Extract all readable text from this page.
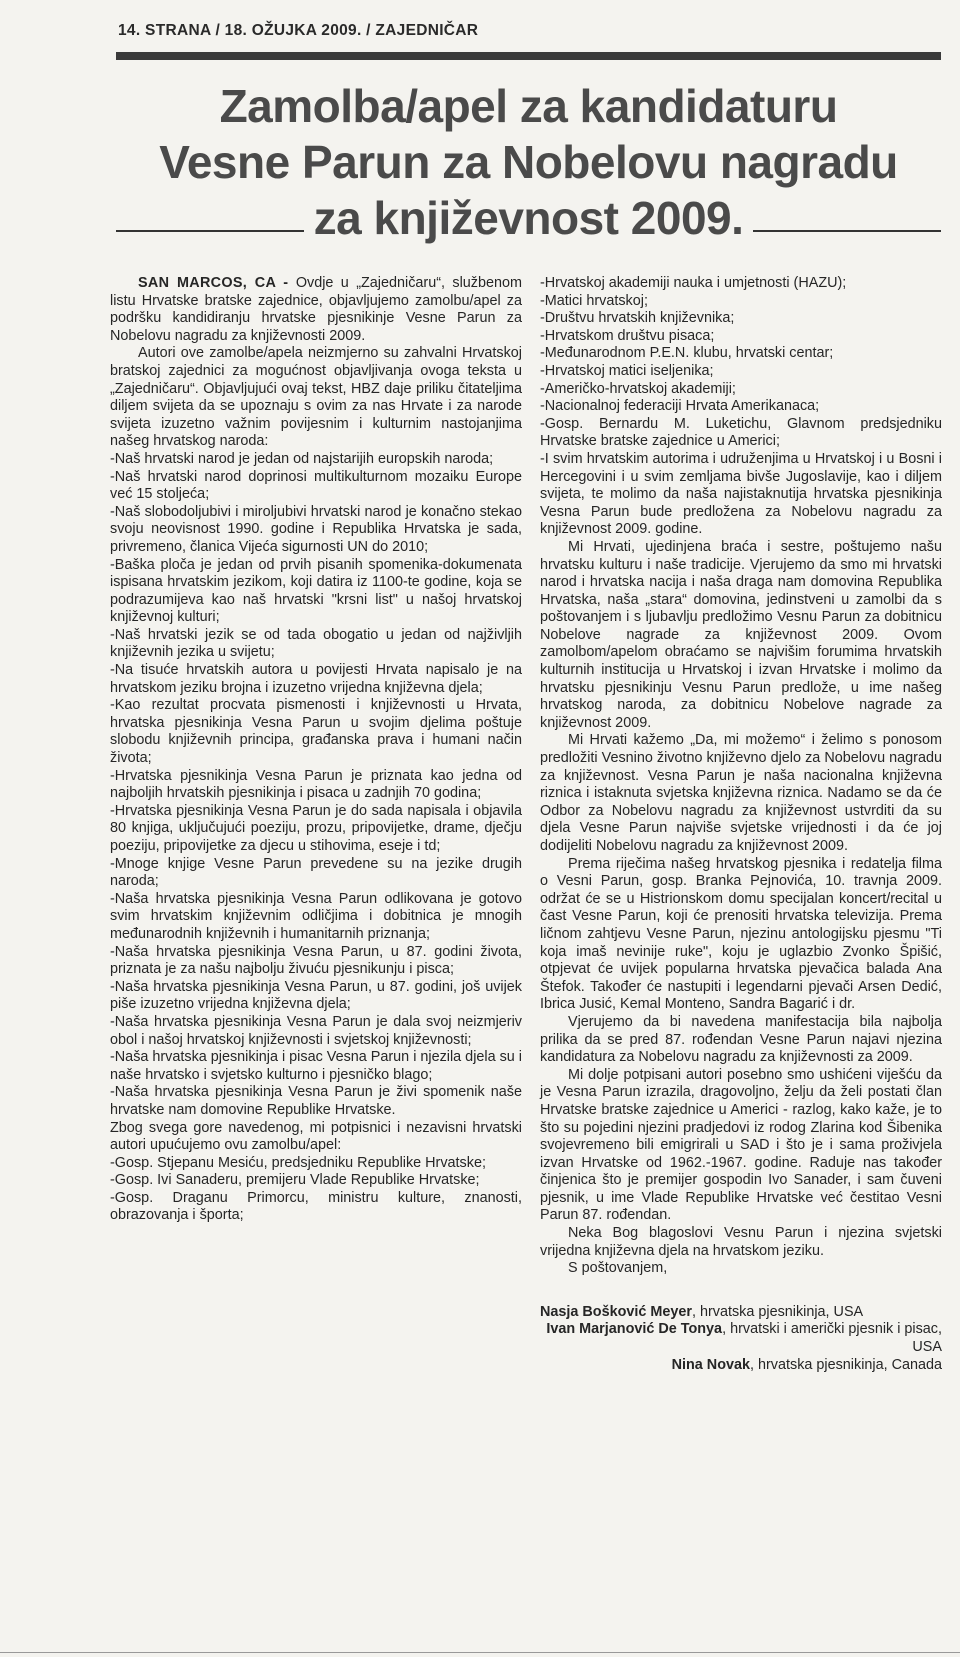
14. STRANA / 18. OŽUJKA 2009. / ZAJEDNIČAR
Zamolba/apel za kandidaturu
Vesne Parun za Nobelovu nagradu
za književnost 2009.

SAN MARCOS, CA - Ovdje u „Zajedničaru“, službenom listu Hrvatske bratske zajednice, objavljujemo zamolbu/apel za podršku kandidiranju hrvatske pjesnikinje Vesne Parun za Nobelovu nagradu za književnosti 2009.

Autori ove zamolbe/apela neizmjerno su zahvalni Hrvatskoj bratskoj zajednici za mogućnost objavljivanja ovoga teksta u „Zajedničaru“. Objavljujući ovaj tekst, HBZ daje priliku čitateljima diljem svijeta da se upoznaju s ovim za nas Hrvate i za narode svijeta izuzetno važnim povijesnim i kulturnim nastojanjima našeg hrvatskog naroda:

-Naš hrvatski narod je jedan od najstarijih europskih naroda;

-Naš hrvatski narod doprinosi multikulturnom mozaiku Europe već 15 stoljeća;

-Naš slobodoljubivi i miroljubivi hrvatski narod je konačno stekao svoju neovisnost 1990. godine i Republika Hrvatska je sada, privremeno, članica Vijeća sigurnosti UN do 2010;

-Baška ploča je jedan od prvih pisanih spomenika-dokumenata ispisana hrvatskim jezikom, koji datira iz 1100-te godine, koja se podrazumijeva kao naš hrvatski "krsni list" u našoj hrvatskoj književnoj kulturi;

-Naš hrvatski jezik se od tada obogatio u jedan od najživljih književnih jezika u svijetu;

-Na tisuće hrvatskih autora u povijesti Hrvata napisalo je na hrvatskom jeziku brojna i izuzetno vrijedna književna djela;

-Kao rezultat procvata pismenosti i književnosti u Hrvata, hrvatska pjesnikinja Vesna Parun u svojim djelima poštuje slobodu književnih principa, građanska prava i humani način života;

-Hrvatska pjesnikinja Vesna Parun je priznata kao jedna od najboljih hrvatskih pjesnikinja i pisaca u zadnjih 70 godina;

-Hrvatska pjesnikinja Vesna Parun je do sada napisala i objavila 80 knjiga, uključujući poeziju, prozu, pripovijetke, drame, dječju poeziju, pripovijetke za djecu u stihovima, eseje i td;

-Mnoge knjige Vesne Parun prevedene su na jezike drugih naroda;

-Naša hrvatska pjesnikinja Vesna Parun odlikovana je gotovo svim hrvatskim književnim odličjima i dobitnica je mnogih međunarodnih književnih i humanitarnih priznanja;

-Naša hrvatska pjesnikinja Vesna Parun, u 87. godini života, priznata je za našu najbolju živuću pjesnikunju i pisca;

-Naša hrvatska pjesnikinja Vesna Parun, u 87. godini, još uvijek piše izuzetno vrijedna književna djela;

-Naša hrvatska pjesnikinja Vesna Parun je dala svoj neizmjeriv obol i našoj hrvatskoj književnosti i svjetskoj književnosti;

-Naša hrvatska pjesnikinja i pisac Vesna Parun i njezila djela su i naše hrvatsko i svjetsko kulturno i pjesničko blago;

-Naša hrvatska pjesnikinja Vesna Parun je živi spomenik naše hrvatske nam domovine Republike Hrvatske.

Zbog svega gore navedenog, mi potpisnici i nezavisni hrvatski autori upućujemo ovu zamolbu/apel:

-Gosp. Stjepanu Mesiću, predsjedniku Republike Hrvatske;

-Gosp. Ivi Sanaderu, premijeru Vlade Republike Hrvatske;

-Gosp. Draganu Primorcu, ministru kulture, znanosti, obrazovanja i športa;

-Hrvatskoj akademiji nauka i umjetnosti (HAZU);

-Matici hrvatskoj;

-Društvu hrvatskih književnika;

-Hrvatskom društvu pisaca;

-Međunarodnom P.E.N. klubu, hrvatski centar;

-Hrvatskoj matici iseljenika;

-Američko-hrvatskoj akademiji;

-Nacionalnoj federaciji Hrvata Amerikanaca;

-Gosp. Bernardu M. Luketichu, Glavnom predsjedniku Hrvatske bratske zajednice u Americi;

-I svim hrvatskim autorima i udruženjima u Hrvatskoj i u Bosni i Hercegovini i u svim zemljama bivše Jugoslavije, kao i diljem svijeta, te molimo da naša najistaknutija hrvatska pjesnikinja Vesna Parun bude predložena za Nobelovu nagradu za književnost 2009. godine.

Mi Hrvati, ujedinjena braća i sestre, poštujemo našu hrvatsku kulturu i naše tradicije. Vjerujemo da smo mi hrvatski narod i hrvatska nacija i naša draga nam domovina Republika Hrvatska, naša „stara“ domovina, jedinstveni u zamolbi da s poštovanjem i s ljubavlju predložimo Vesnu Parun za dobitnicu Nobelove nagrade za književnost 2009. Ovom zamolbom/apelom obraćamo se najvišim forumima hrvatskih kulturnih institucija u Hrvatskoj i izvan Hrvatske i molimo da hrvatsku pjesnikinju Vesnu Parun predlože, u ime našeg hrvatskog naroda, za dobitnicu Nobelove nagrade za književnost 2009.

Mi Hrvati kažemo „Da, mi možemo“ i želimo s ponosom predložiti Vesnino životno književno djelo za Nobelovu nagradu za književnost. Vesna Parun je naša nacionalna književna riznica i istaknuta svjetska književna riznica. Nadamo se da će Odbor za Nobelovu nagradu za književnost ustvrditi da su djela Vesne Parun najviše svjetske vrijednosti i da će joj dodijeliti Nobelovu nagradu za književnost 2009.

Prema riječima našeg hrvatskog pjesnika i redatelja filma o Vesni Parun, gosp. Branka Pejnovića, 10. travnja 2009. održat će se u Histrionskom domu specijalan koncert/recital u čast Vesne Parun, koji će prenositi hrvatska televizija. Prema ličnom zahtjevu Vesne Parun, njezinu antologijsku pjesmu "Ti koja imaš nevinije ruke", koju je uglazbio Zvonko Špišić, otpjevat će uvijek popularna hrvatska pjevačica balada Ana Štefok. Također će nastupiti i legendarni pjevači Arsen Dedić, Ibrica Jusić, Kemal Monteno, Sandra Bagarić i dr.

Vjerujemo da bi navedena manifestacija bila najbolja prilika da se pred 87. rođendan Vesne Parun najavi njezina kandidatura za Nobelovu nagradu za književnosti za 2009.

Mi dolje potpisani autori posebno smo ushićeni viješću da je Vesna Parun izrazila, dragovoljno, želju da želi postati član Hrvatske bratske zajednice u Americi - razlog, kako kaže, je to što su pojedini njezini pradjedovi iz rodog Zlarina kod Šibenika svojevremeno bili emigrirali u SAD i što je i sama proživjela izvan Hrvatske od 1962.-1967. godine. Raduje nas također činjenica što je premijer gospodin Ivo Sanader, i sam čuveni pjesnik, u ime Vlade Republike Hrvatske već čestitao Vesni Parun 87. rođendan.

Neka Bog blagoslovi Vesnu Parun i njezina svjetski vrijedna književna djela na hrvatskom jeziku.

S poštovanjem,

Nasja Bošković Meyer, hrvatska pjesnikinja, USA

Ivan Marjanović De Tonya, hrvatski i američki pjesnik i pisac, USA

Nina Novak, hrvatska pjesnikinja, Canada
